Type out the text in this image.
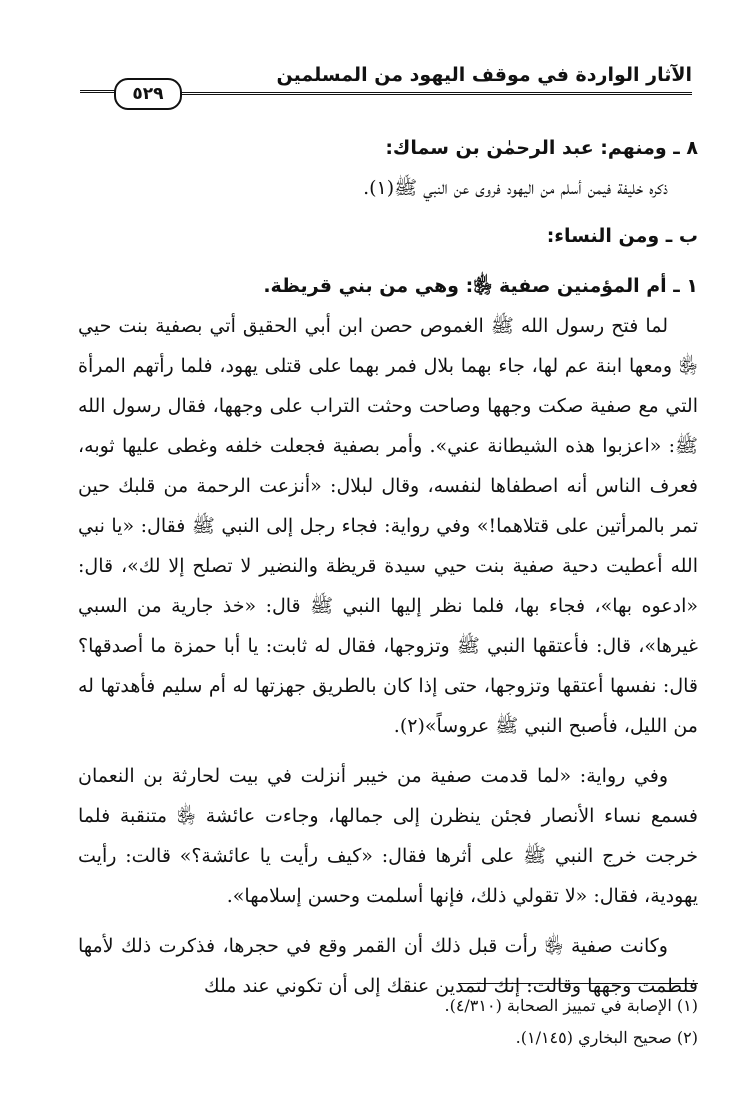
الآثار الواردة في موقف اليهود من المسلمين
٥٢٩

٨ ـ ومنهم: عبد الرحمٰن بن سماك:

ذكره خليفة فيمن أسلم من اليهود فروى عن النبي ﷺ(١).

ب ـ ومن النساء:

١ ـ أم المؤمنين صفية ﵂: وهي من بني قريظة.

لما فتح رسول الله ﷺ الغموص حصن ابن أبي الحقيق أتي بصفية بنت حيي ﵂ ومعها ابنة عم لها، جاء بهما بلال فمر بهما على قتلى يهود، فلما رأتهم المرأة التي مع صفية صكت وجهها وصاحت وحثت التراب على وجهها، فقال رسول الله ﷺ: «اعزبوا هذه الشيطانة عني». وأمر بصفية فجعلت خلفه وغطى عليها ثوبه، فعرف الناس أنه اصطفاها لنفسه، وقال لبلال: «أنزعت الرحمة من قلبك حين تمر بالمرأتين على قتلاهما!» وفي رواية: فجاء رجل إلى النبي ﷺ فقال: «يا نبي الله أعطيت دحية صفية بنت حيي سيدة قريظة والنضير لا تصلح إلا لك»، قال: «ادعوه بها»، فجاء بها، فلما نظر إليها النبي ﷺ قال: «خذ جارية من السبي غيرها»، قال: فأعتقها النبي ﷺ وتزوجها، فقال له ثابت: يا أبا حمزة ما أصدقها؟ قال: نفسها أعتقها وتزوجها، حتى إذا كان بالطريق جهزتها له أم سليم فأهدتها له من الليل، فأصبح النبي ﷺ عروساً»(٢).

وفي رواية: «لما قدمت صفية من خيبر أنزلت في بيت لحارثة بن النعمان فسمع نساء الأنصار فجئن ينظرن إلى جمالها، وجاءت عائشة ﵂ متنقبة فلما خرجت خرج النبي ﷺ على أثرها فقال: «كيف رأيت يا عائشة؟» قالت: رأيت يهودية، فقال: «لا تقولي ذلك، فإنها أسلمت وحسن إسلامها».

وكانت صفية ﵂ رأت قبل ذلك أن القمر وقع في حجرها، فذكرت ذلك لأمها فلطمت وجهها وقالت: إنك لتمدين عنقك إلى أن تكوني عند ملك

(١) الإصابة في تمييز الصحابة (٤/٣١٠).

(٢) صحيح البخاري (١/١٤٥).
